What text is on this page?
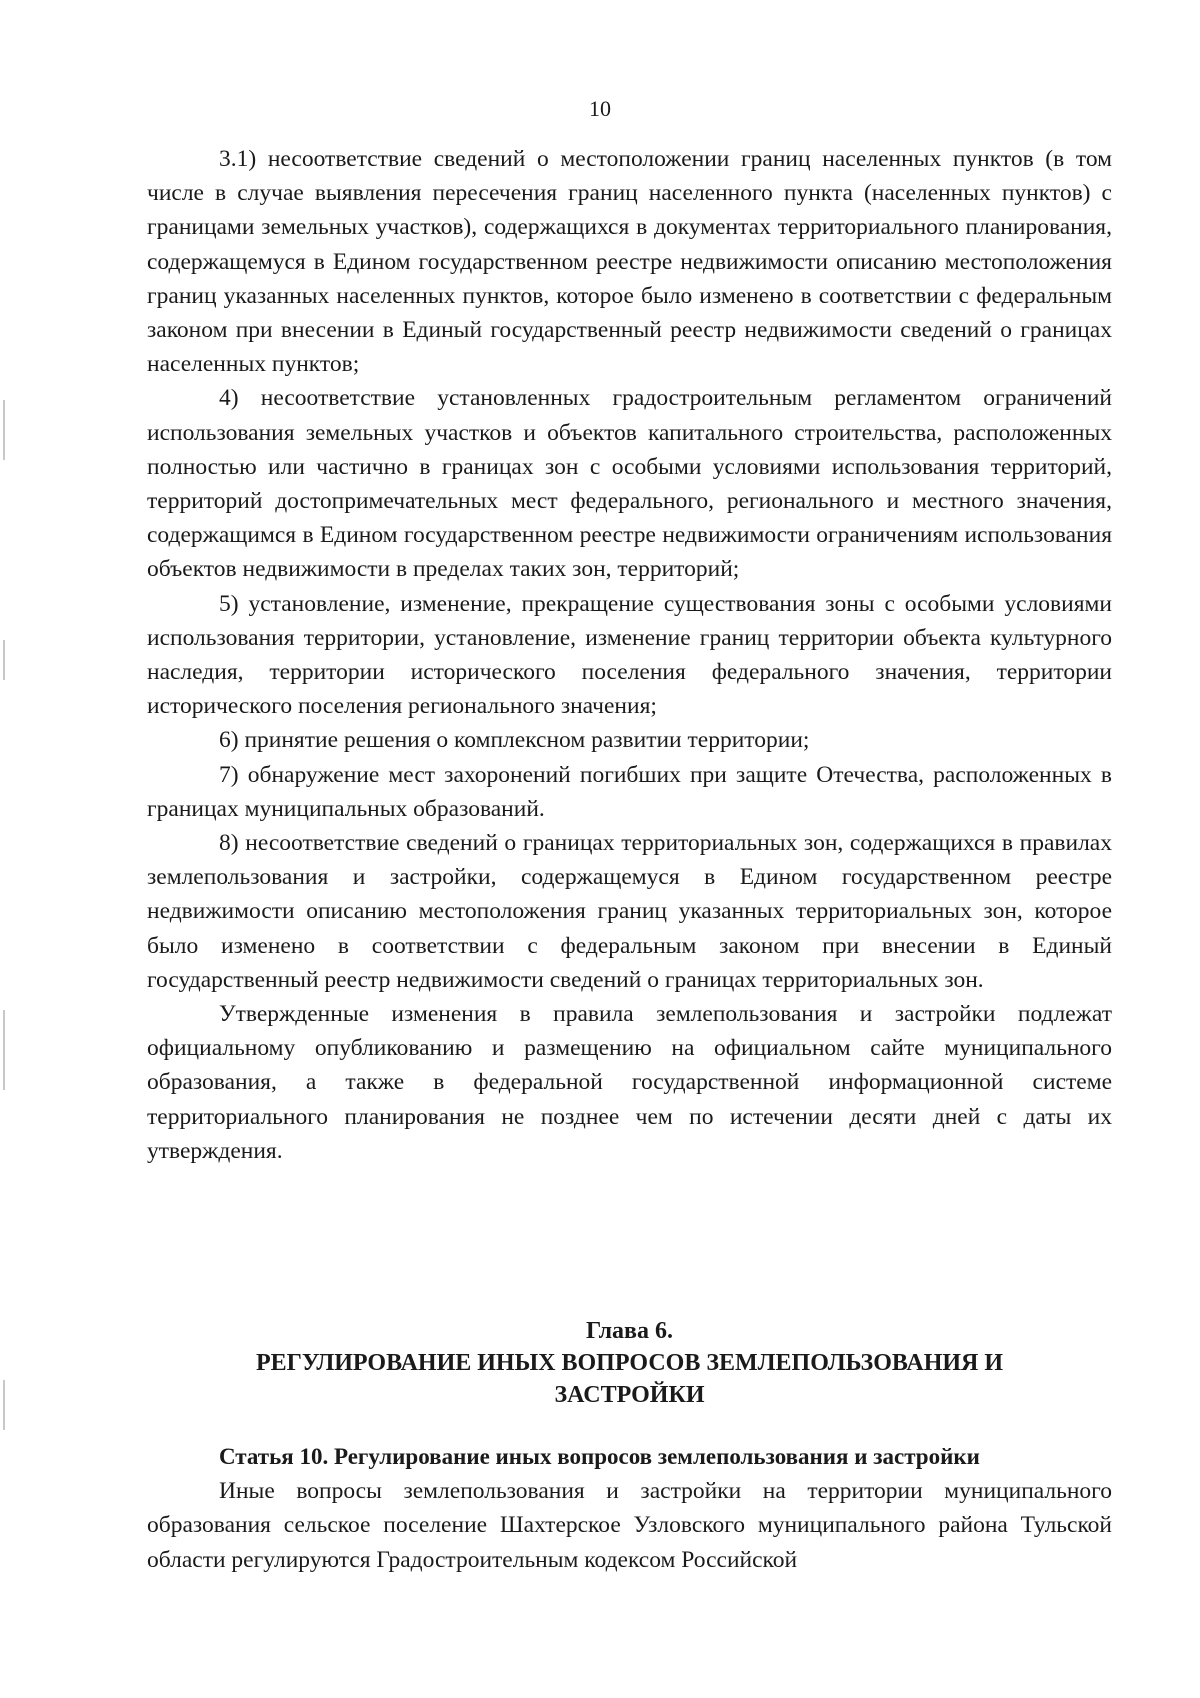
10

3.1) несоответствие сведений о местоположении границ населенных пунктов (в том числе в случае выявления пересечения границ населенного пункта (населенных пунктов) с границами земельных участков), содержащихся в документах территориального планирования, содержащемуся в Едином государственном реестре недвижимости описанию местоположения границ указанных населенных пунктов, которое было изменено в соответствии с федеральным законом при внесении в Единый государственный реестр недвижимости сведений о границах населенных пунктов;

4) несоответствие установленных градостроительным регламентом ограничений использования земельных участков и объектов капитального строительства, расположенных полностью или частично в границах зон с особыми условиями использования территорий, территорий достопримечательных мест федерального, регионального и местного значения, содержащимся в Едином государственном реестре недвижимости ограничениям использования объектов недвижимости в пределах таких зон, территорий;

5) установление, изменение, прекращение существования зоны с особыми условиями использования территории, установление, изменение границ территории объекта культурного наследия, территории исторического поселения федерального значения, территории исторического поселения регионального значения;

6) принятие решения о комплексном развитии территории;

7) обнаружение мест захоронений погибших при защите Отечества, расположенных в границах муниципальных образований.

8) несоответствие сведений о границах территориальных зон, содержащихся в правилах землепользования и застройки, содержащемуся в Едином государственном реестре недвижимости описанию местоположения границ указанных территориальных зон, которое было изменено в соответствии с федеральным законом при внесении в Единый государственный реестр недвижимости сведений о границах территориальных зон.

Утвержденные изменения в правила землепользования и застройки подлежат официальному опубликованию и размещению на официальном сайте муниципального образования, а также в федеральной государственной информационной системе территориального планирования не позднее чем по истечении десяти дней с даты их утверждения.

Глава 6.
РЕГУЛИРОВАНИЕ ИНЫХ ВОПРОСОВ ЗЕМЛЕПОЛЬЗОВАНИЯ И ЗАСТРОЙКИ

Статья 10. Регулирование иных вопросов землепользования и застройки

Иные вопросы землепользования и застройки на территории муниципального образования сельское поселение Шахтерское Узловского муниципального района Тульской области регулируются Градостроительным кодексом Российской
